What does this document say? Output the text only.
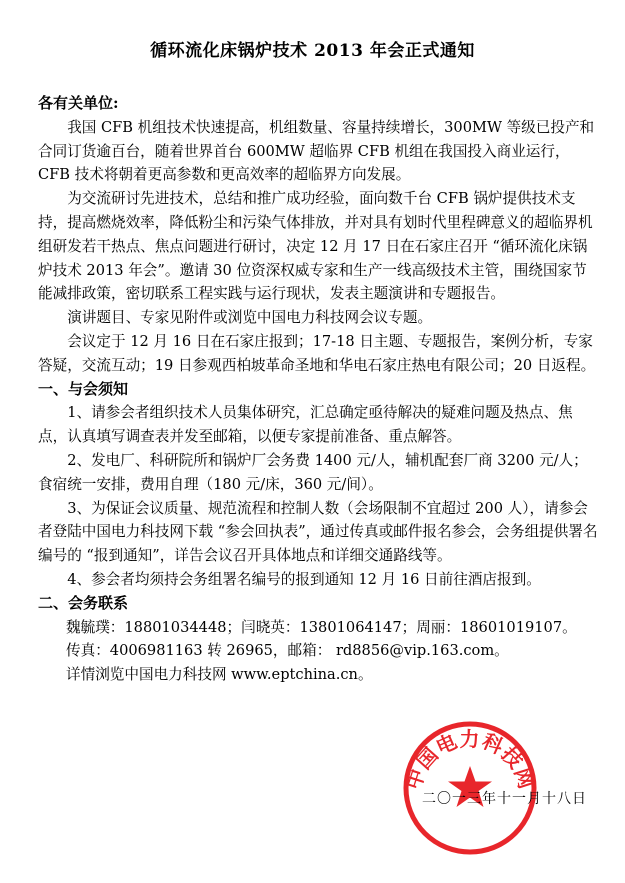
循环流化床锅炉技术 2013 年会正式通知

各有关单位:

我国 CFB 机组技术快速提高，机组数量、容量持续增长，300MW 等级已投产和合同订货逾百台，随着世界首台 600MW 超临界 CFB 机组在我国投入商业运行，CFB 技术将朝着更高参数和更高效率的超临界方向发展。

为交流研讨先进技术，总结和推广成功经验，面向数千台 CFB 锅炉提供技术支持，提高燃烧效率，降低粉尘和污染气体排放，并对具有划时代里程碑意义的超临界机组研发若干热点、焦点问题进行研讨，决定 12 月 17 日在石家庄召开 “循环流化床锅炉技术 2013 年会”。邀请 30 位资深权威专家和生产一线高级技术主管，围绕国家节能减排政策，密切联系工程实践与运行现状，发表主题演讲和专题报告。

演讲题目、专家见附件或浏览中国电力科技网会议专题。

会议定于 12 月 16 日在石家庄报到；17-18 日主题、专题报告，案例分析，专家答疑，交流互动；19 日参观西柏坡革命圣地和华电石家庄热电有限公司；20 日返程。

一、与会须知

1、请参会者组织技术人员集体研究，汇总确定亟待解决的疑难问题及热点、焦点，认真填写调查表并发至邮箱，以便专家提前准备、重点解答。

2、发电厂、科研院所和锅炉厂会务费 1400 元/人，辅机配套厂商 3200 元/人；食宿统一安排，费用自理（180 元/床，360 元/间）。

3、为保证会议质量、规范流程和控制人数（会场限制不宜超过 200 人），请参会者登陆中国电力科技网下载 “参会回执表”，通过传真或邮件报名参会，会务组提供署名编号的 “报到通知”，详告会议召开具体地点和详细交通路线等。

4、参会者均须持会务组署名编号的报到通知 12 月 16 日前往酒店报到。

二、会务联系

魏毓璞：18801034448；闫晓英：13801064147；周丽：18601019107。

传真：4006981163 转 26965，邮箱： rd8856@vip.163.com。

详情浏览中国电力科技网 www.eptchina.cn。

中国电力科技网
二〇一三年十一月十八日
